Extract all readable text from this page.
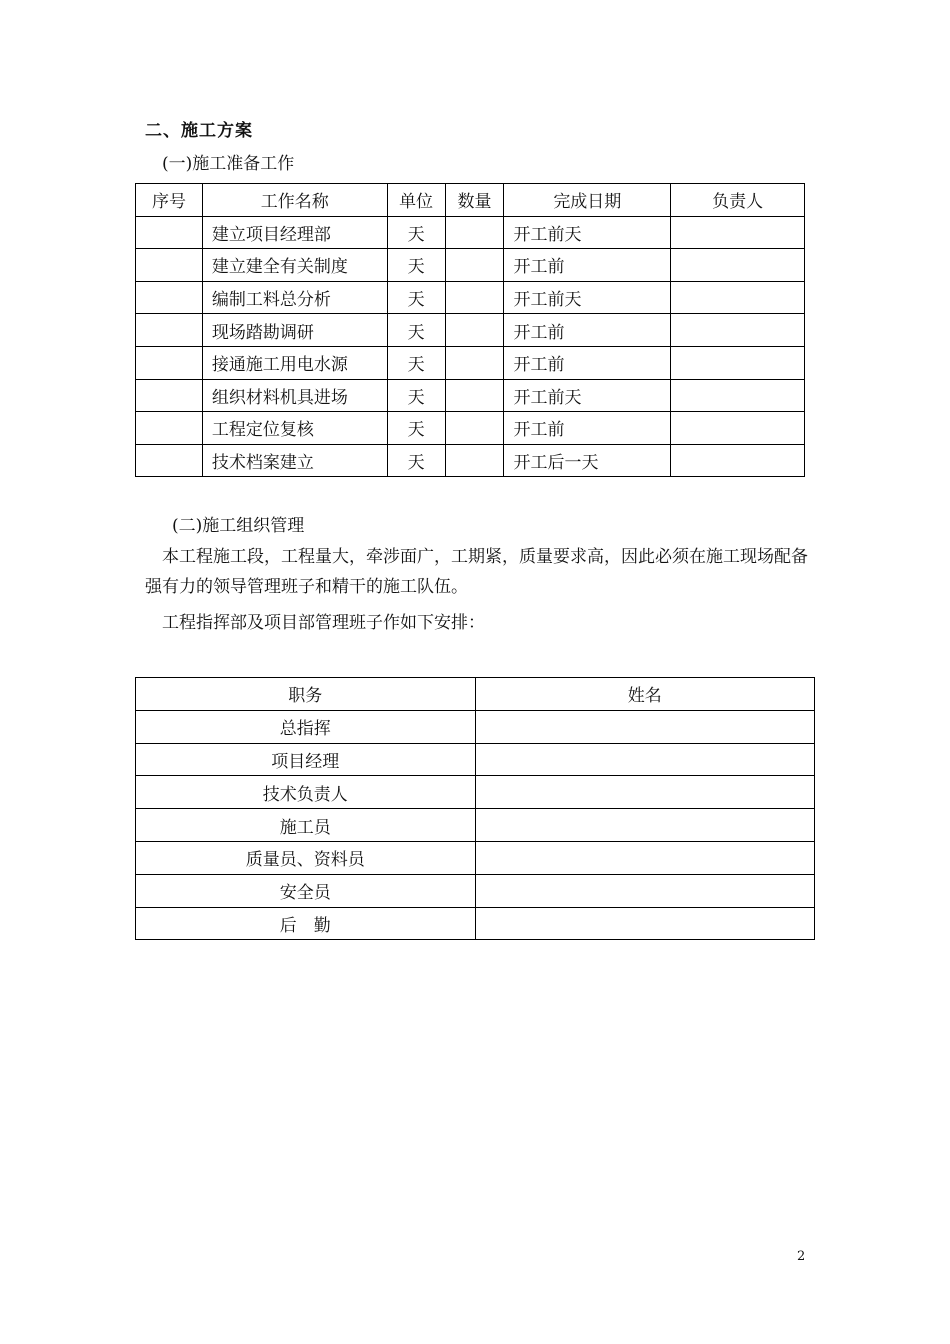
二、施工方案
(一)施工准备工作
序号	工作名称	单位	数量	完成日期	负责人
	建立项目经理部	天		开工前天	
	建立建全有关制度	天		开工前	
	编制工料总分析	天		开工前天	
	现场踏勘调研	天		开工前	
	接通施工用电水源	天		开工前	
	组织材料机具进场	天		开工前天	
	工程定位复核	天		开工前	
	技术档案建立	天		开工后一天	
(二)施工组织管理
本工程施工段，工程量大，牵涉面广，工期紧，质量要求高，因此必须在施工现场配备强有力的领导管理班子和精干的施工队伍。
工程指挥部及项目部管理班子作如下安排：
职务	姓名
总指挥	
项目经理	
技术负责人	
施工员	
质量员、资料员	
安全员	
后　勤	
2
